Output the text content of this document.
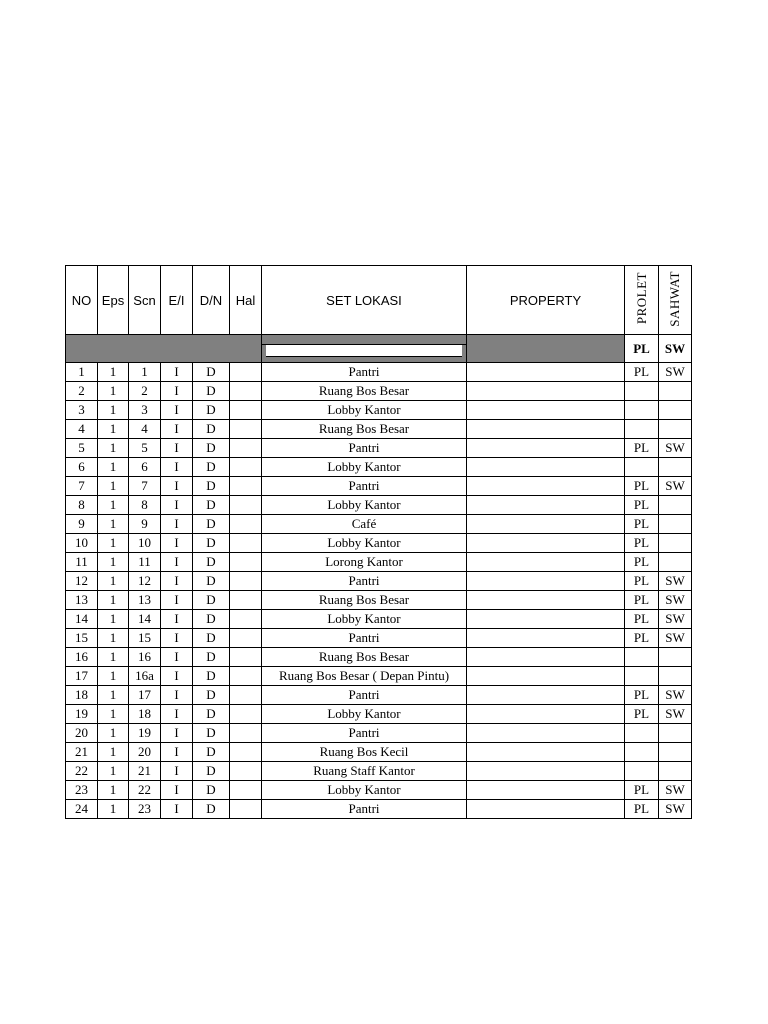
NO	Eps	Scn	E/I	D/N	Hal	SET LOKASI	PROPERTY	PROLET	SAHWAT

							PL	SW
1	1	1	I	D		Pantri		PL	SW
2	1	2	I	D		Ruang Bos Besar			
3	1	3	I	D		Lobby Kantor			
4	1	4	I	D		Ruang Bos Besar			
5	1	5	I	D		Pantri		PL	SW
6	1	6	I	D		Lobby Kantor			
7	1	7	I	D		Pantri		PL	SW
8	1	8	I	D		Lobby Kantor		PL	
9	1	9	I	D		Café		PL	
10	1	10	I	D		Lobby Kantor		PL	
11	1	11	I	D		Lorong Kantor		PL	
12	1	12	I	D		Pantri		PL	SW
13	1	13	I	D		Ruang Bos Besar		PL	SW
14	1	14	I	D		Lobby Kantor		PL	SW
15	1	15	I	D		Pantri		PL	SW
16	1	16	I	D		Ruang Bos Besar			
17	1	16a	I	D		Ruang Bos Besar ( Depan Pintu)			
18	1	17	I	D		Pantri		PL	SW
19	1	18	I	D		Lobby Kantor		PL	SW
20	1	19	I	D		Pantri			
21	1	20	I	D		Ruang Bos Kecil			
22	1	21	I	D		Ruang Staff Kantor			
23	1	22	I	D		Lobby Kantor		PL	SW
24	1	23	I	D		Pantri		PL	SW
